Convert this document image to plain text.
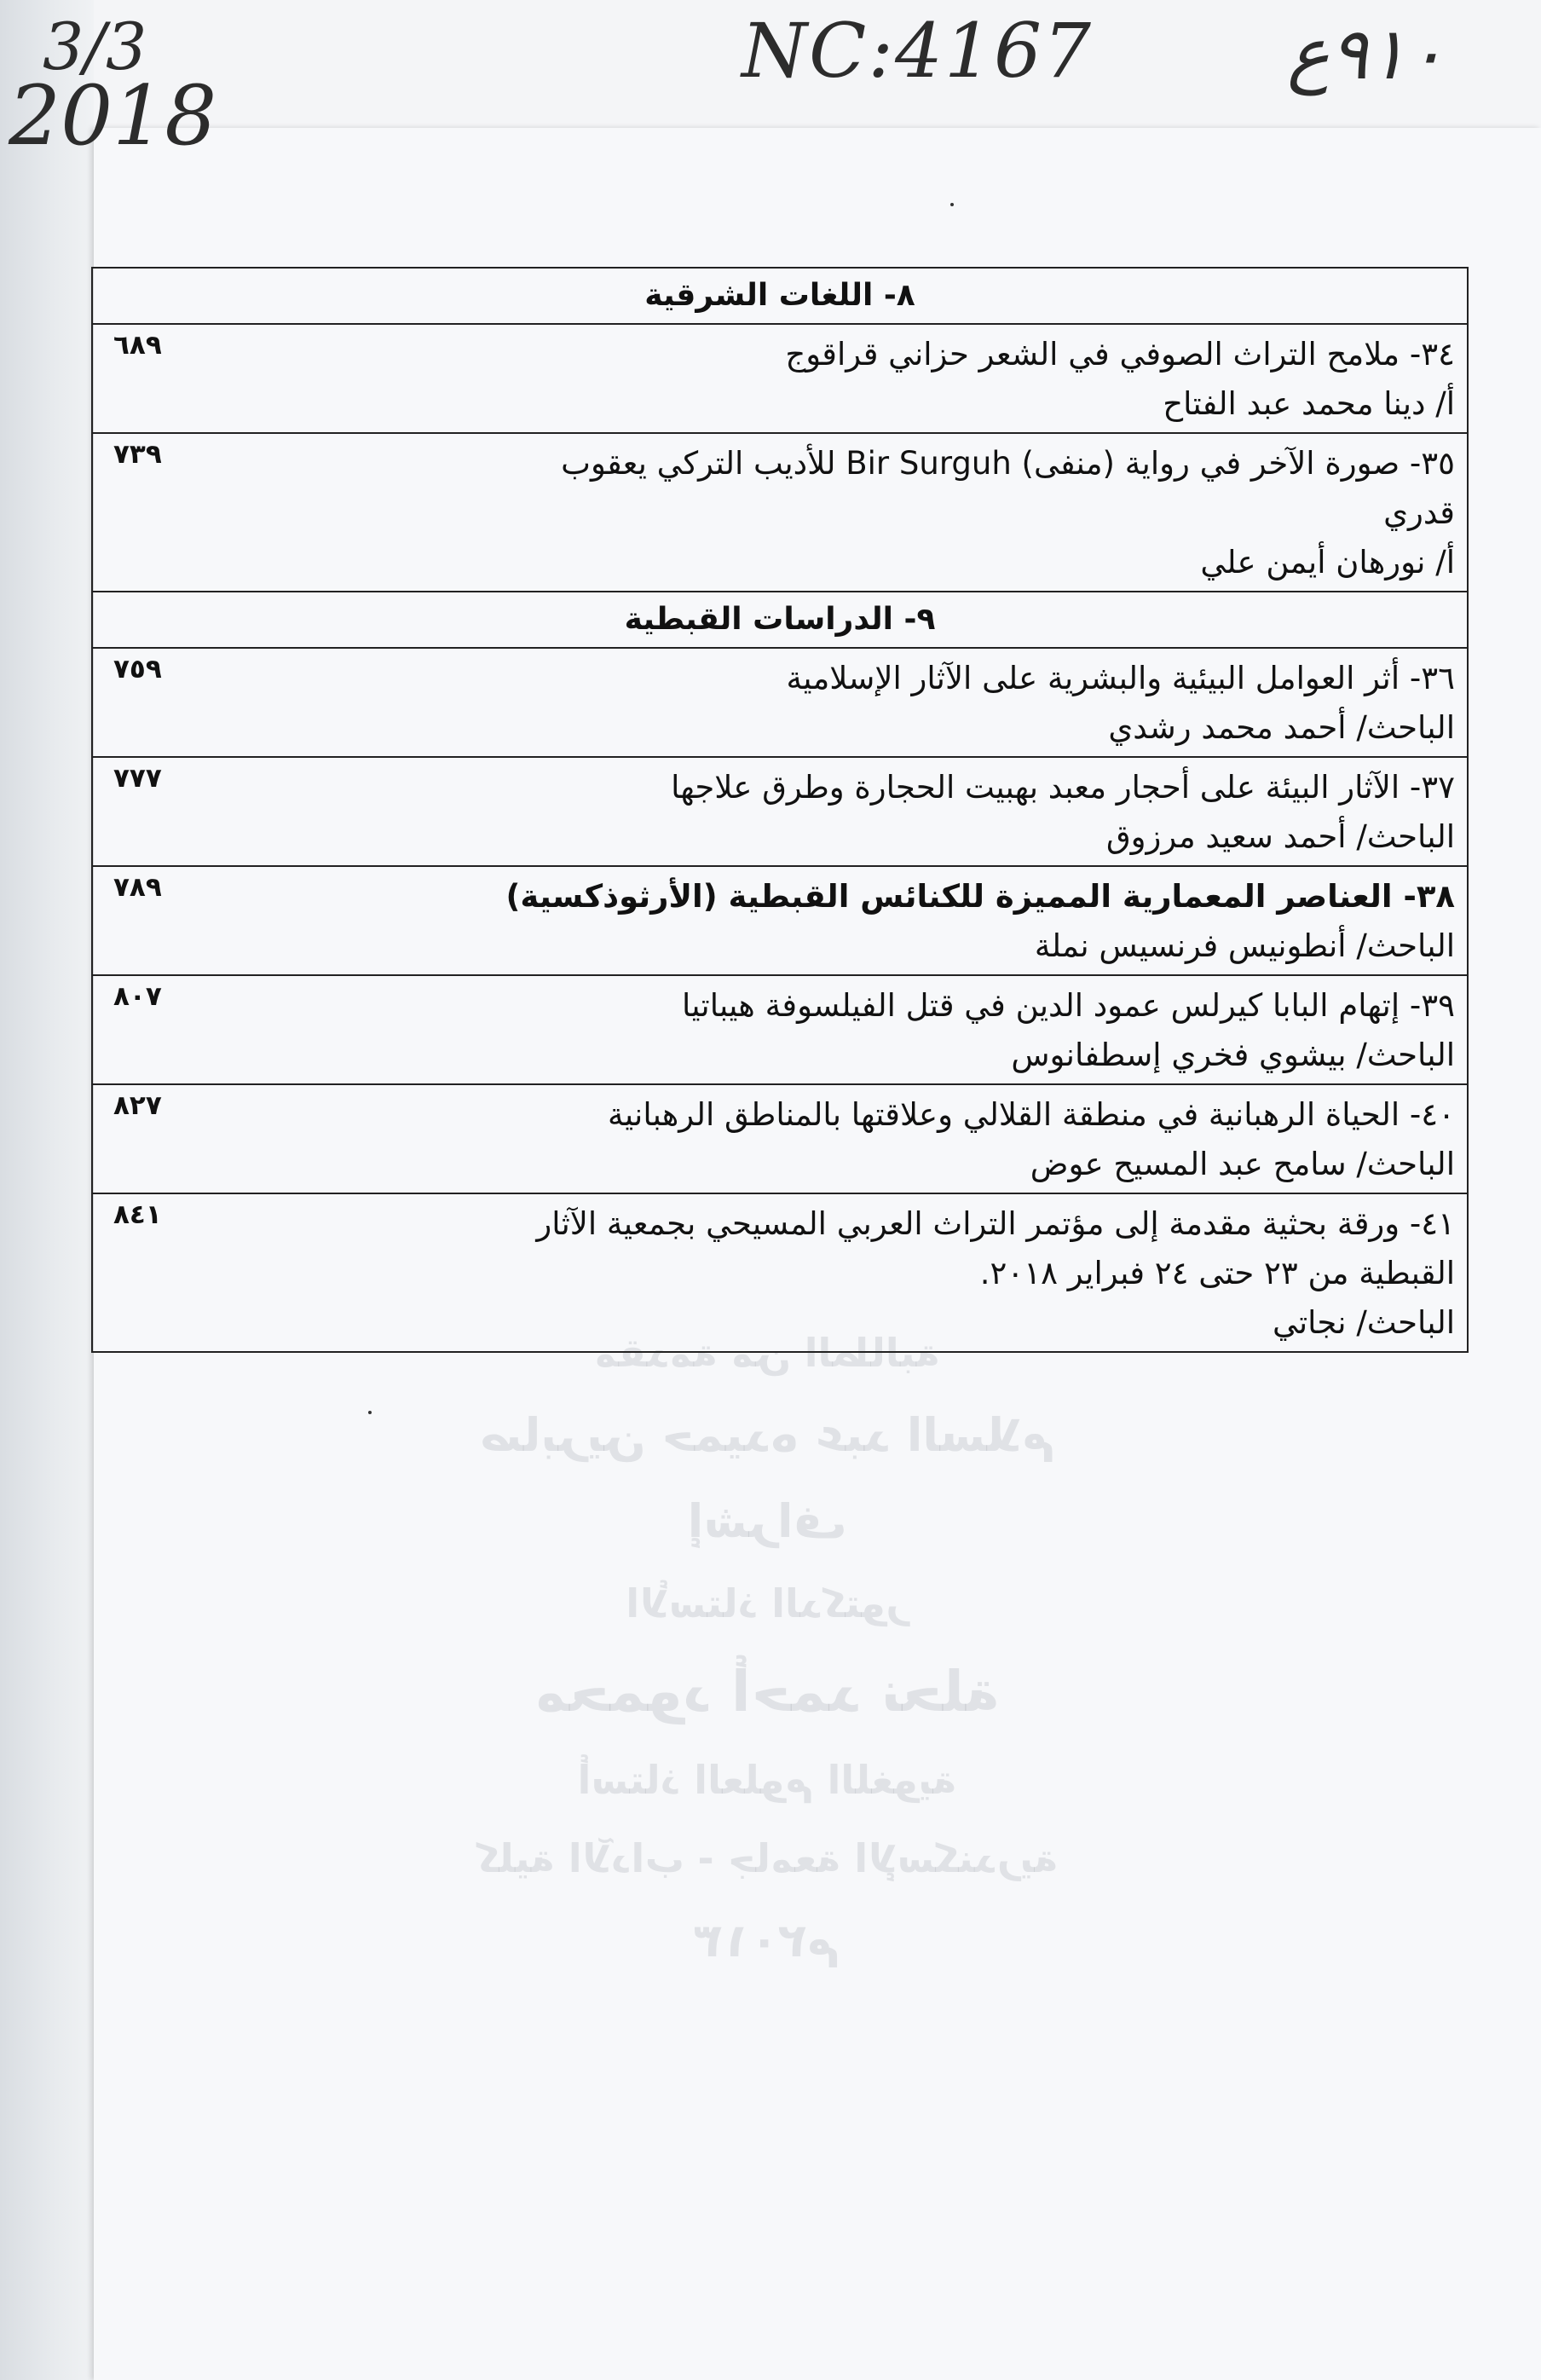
3/3
2018
NC:4167	٩١٠ع
مقدمة من الطالبة
صابرين حميده عبد السلام
إشراف
الأستاذ الدكتور
محمود أحمد نحلة
أستاذ العلوم اللغوية
كلية الآداب - جامعة الإسكندرية
٢٠١٣م
٨- اللغات الشرقية
٦٨٩	٣٤- ملامح التراث الصوفي في الشعر حزاني قراقوج
أ/ دينا محمد عبد الفتاح
٧٣٩	٣٥- صورة الآخر في رواية (منفى) Bir Surguh للأديب التركي يعقوب
قدري
أ/ نورهان أيمن علي
٩- الدراسات القبطية
٧٥٩	٣٦- أثر العوامل البيئية والبشرية على الآثار الإسلامية
الباحث/ أحمد محمد رشدي
٧٧٧	٣٧- الآثار البيئة على أحجار معبد بهبيت الحجارة وطرق علاجها
الباحث/ أحمد سعيد مرزوق
٧٨٩	٣٨- العناصر المعمارية المميزة للكنائس القبطية (الأرثوذكسية)
الباحث/ أنطونيس فرنسيس نملة
٨٠٧	٣٩- إتهام البابا كيرلس عمود الدين في قتل الفيلسوفة هيباتيا
الباحث/ بيشوي فخري إسطفانوس
٨٢٧	٤٠- الحياة الرهبانية في منطقة القلالي وعلاقتها بالمناطق الرهبانية
الباحث/ سامح عبد المسيح عوض
٨٤١	٤١- ورقة بحثية مقدمة إلى مؤتمر التراث العربي المسيحي بجمعية الآثار
القبطية من ٢٣ حتى ٢٤ فبراير ٢٠١٨.
الباحث/ نجاتي
